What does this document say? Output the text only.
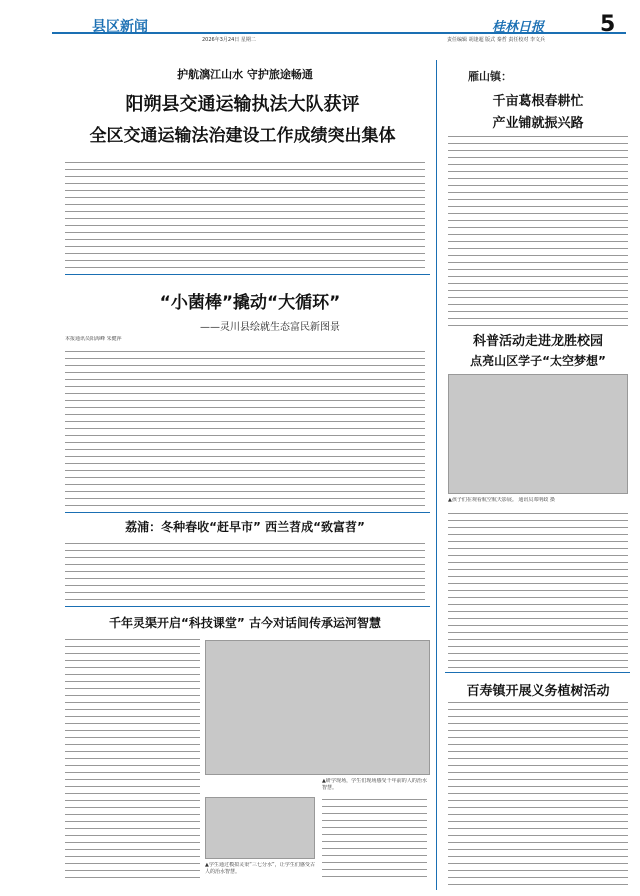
县区新闻
2026年3月24日 星期二
桂林日报
责任编辑 胡逢超 版式 秦哲 责任校对 李文兵
5
护航漓江山水 守护旅途畅通
阳朔县交通运输执法大队获评
全区交通运输法治建设工作成绩突出集体
“小菌棒”撬动“大循环”
——灵川县绘就生态富民新图景
本报通讯员阳海峰 朱健萍
荔浦：冬种春收“赶早市” 西兰苕成“致富苕”
千年灵渠开启“科技课堂” 古今对话间传承运河智慧
▲研学现场，学生们现场感受千年前的人的治水智慧。
▲学生通过模拟灵渠“三七分水”，让学生们感受古人的治水智慧。
雁山镇：
千亩葛根春耕忙
产业铺就振兴路
科普活动走进龙胜校园
点亮山区学子“太空梦想”
▲孩子们在观看航空航天影展。 通讯员邓明政 摄
百寿镇开展义务植树活动
